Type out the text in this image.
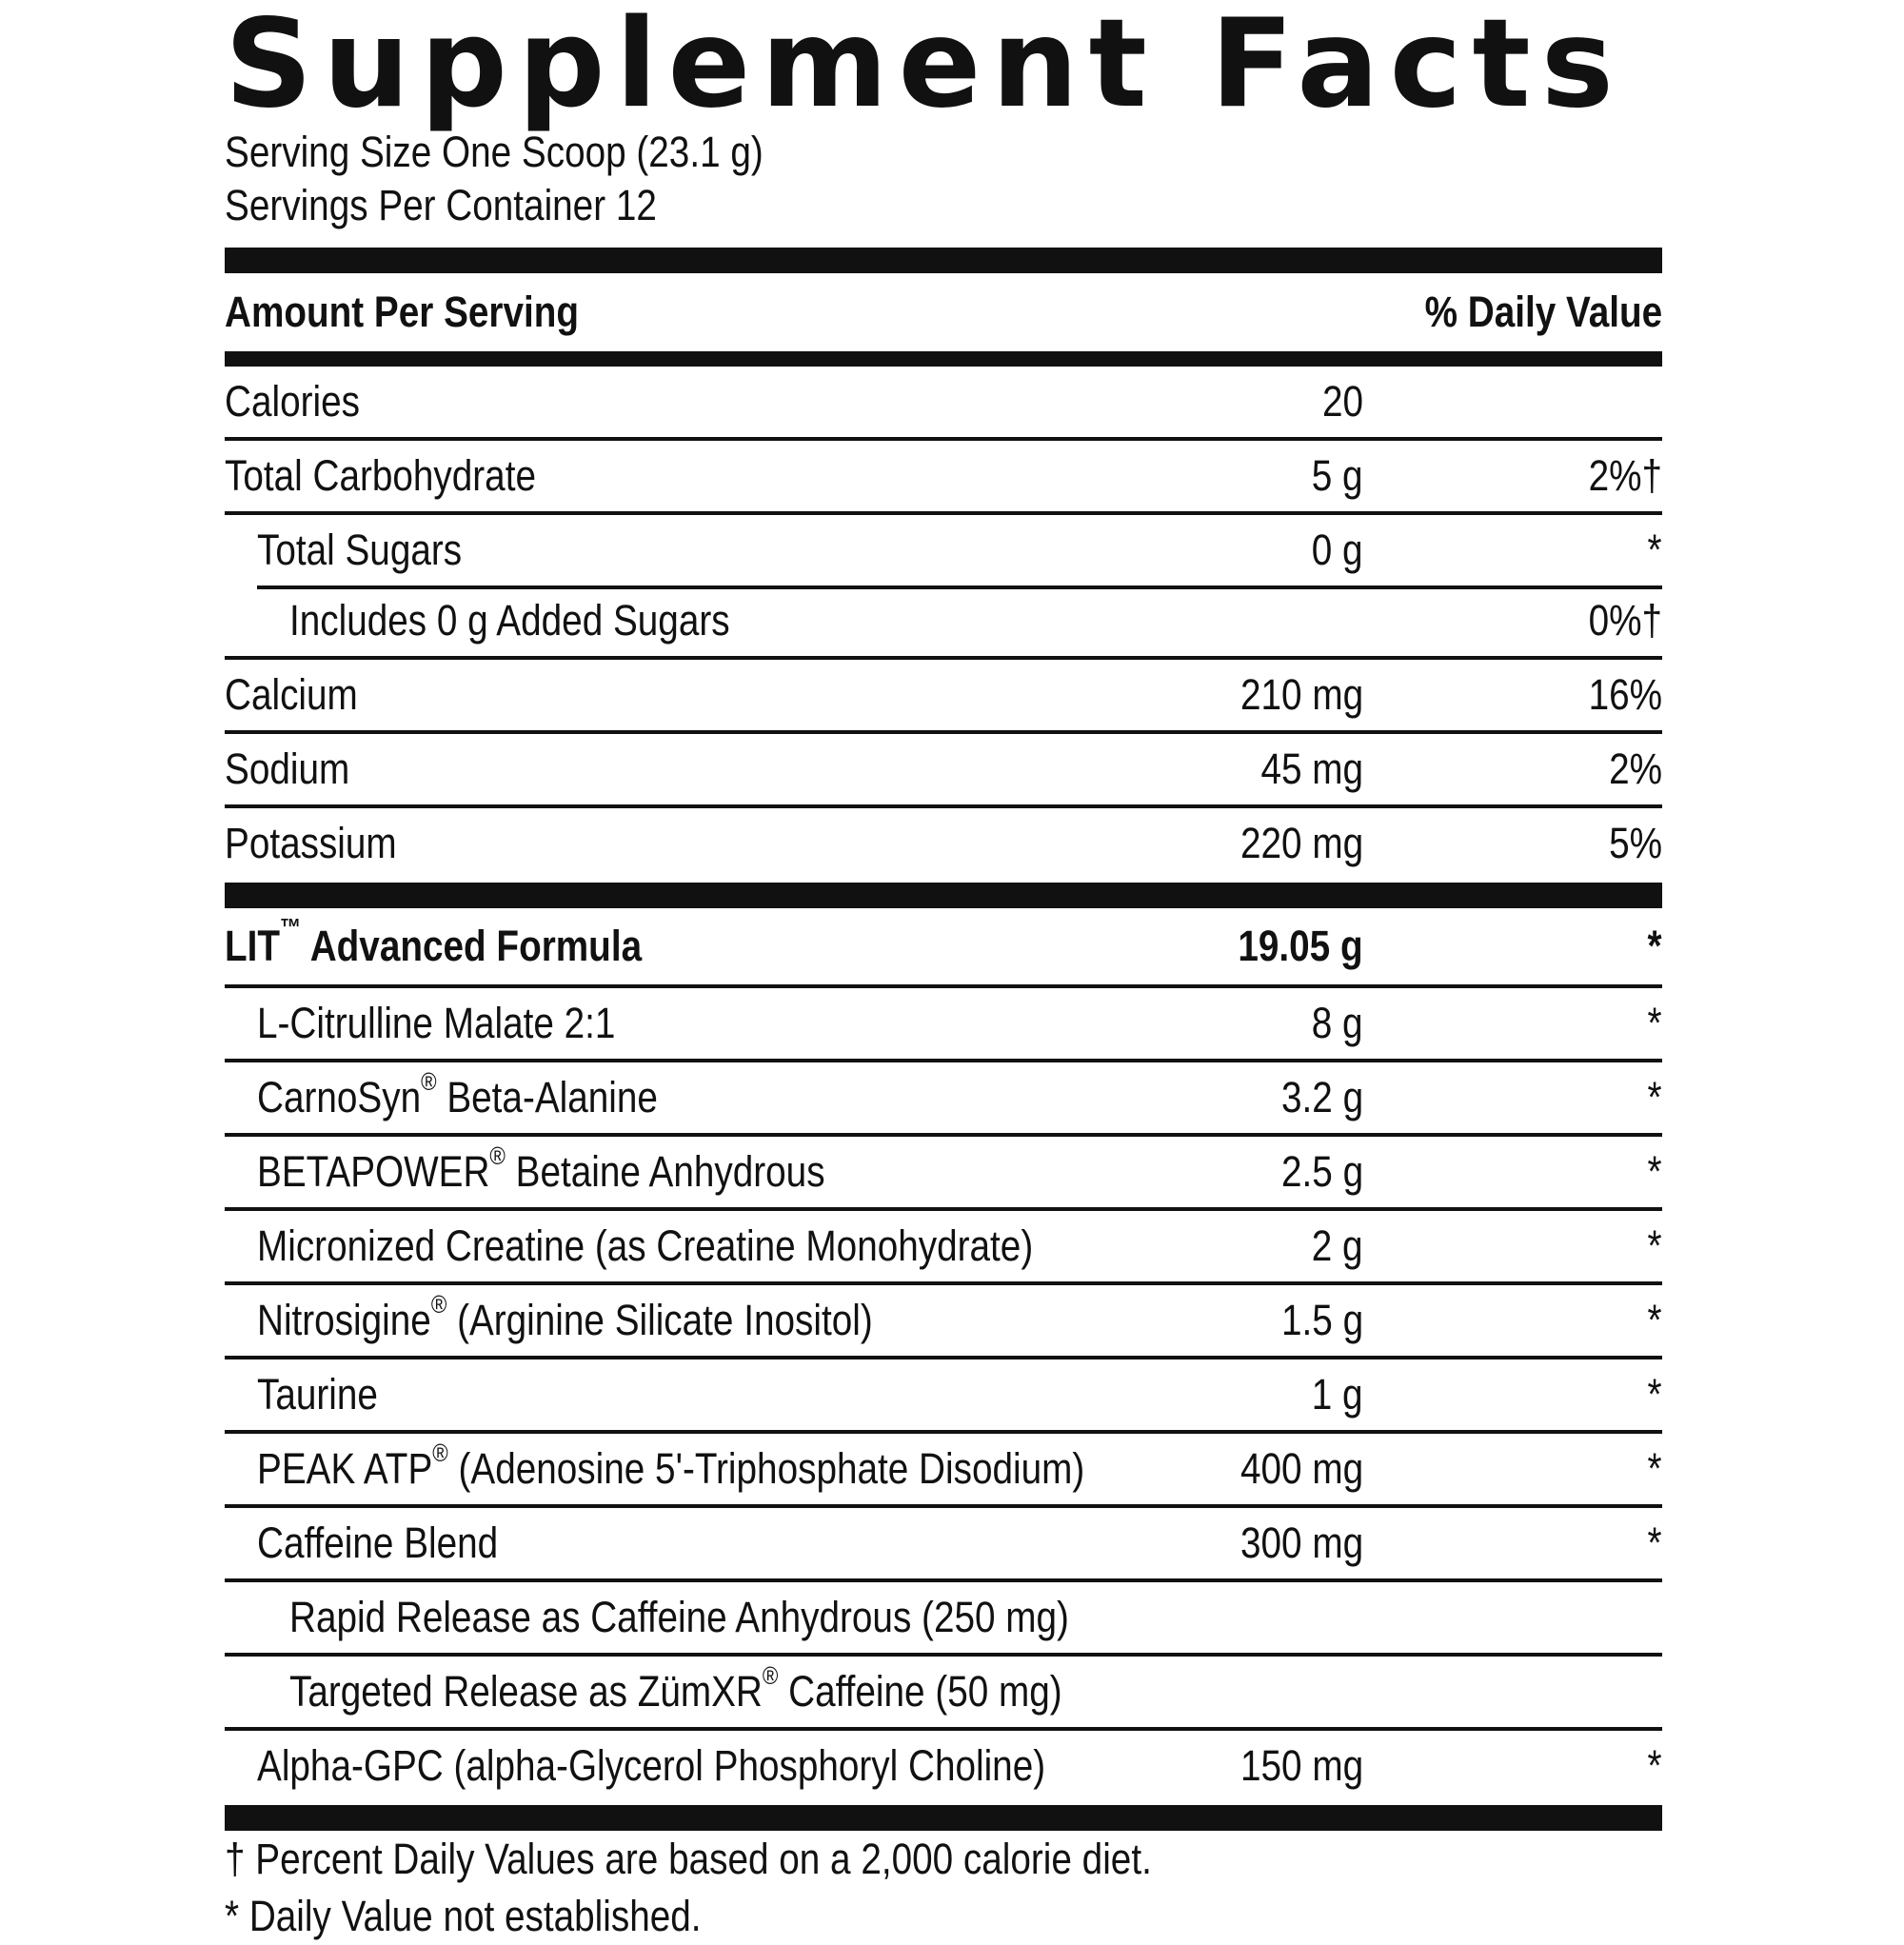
Supplement Facts
Serving Size One Scoop (23.1 g)
Servings Per Container 12
Amount Per Serving	% Daily Value
Calories	20
Total Carbohydrate	5 g	2%†
Total Sugars	0 g	*
Includes 0 g Added Sugars	0%†
Calcium	210 mg	16%
Sodium	45 mg	2%
Potassium	220 mg	5%
LIT™ Advanced Formula	19.05 g	*
L-Citrulline Malate 2:1	8 g	*
CarnoSyn® Beta-Alanine	3.2 g	*
BETAPOWER® Betaine Anhydrous	2.5 g	*
Micronized Creatine (as Creatine Monohydrate)	2 g	*
Nitrosigine® (Arginine Silicate Inositol)	1.5 g	*
Taurine	1 g	*
PEAK ATP® (Adenosine 5'-Triphosphate Disodium)	400 mg	*
Caffeine Blend	300 mg	*
Rapid Release as Caffeine Anhydrous (250 mg)
Targeted Release as ZümXR® Caffeine (50 mg)
Alpha-GPC (alpha-Glycerol Phosphoryl Choline)	150 mg	*
† Percent Daily Values are based on a 2,000 calorie diet.
* Daily Value not established.
